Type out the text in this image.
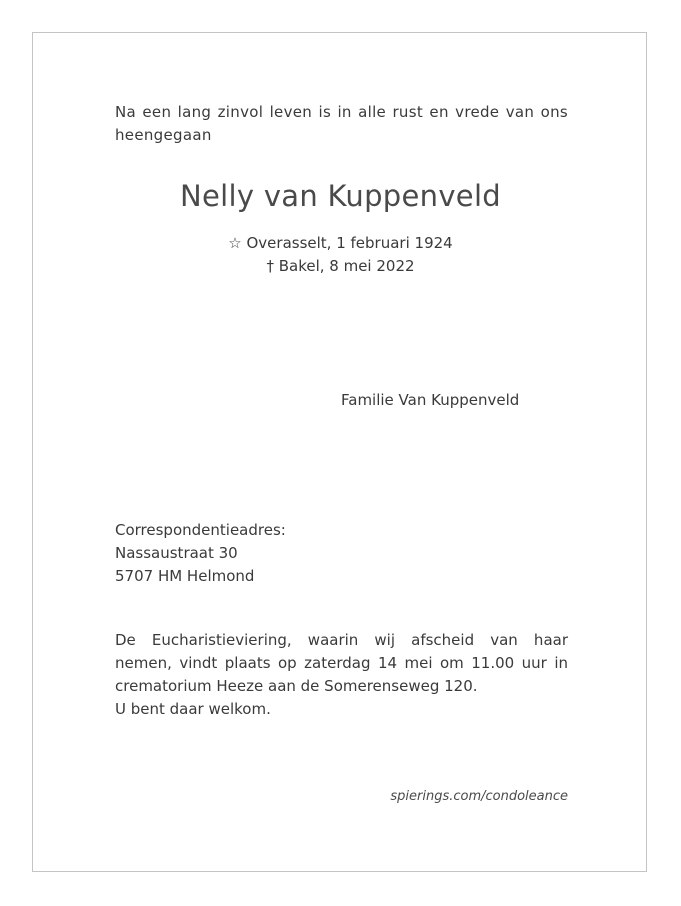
Na een lang zinvol leven is in alle rust en vrede van ons heengegaan
Nelly van Kuppenveld
☆ Overasselt, 1 februari 1924
† Bakel, 8 mei 2022
Familie Van Kuppenveld
Correspondentieadres:
Nassaustraat 30
5707 HM Helmond
De Eucharistieviering, waarin wij afscheid van haar
nemen, vindt plaats op zaterdag 14 mei om 11.00 uur in
crematorium Heeze aan de Somerenseweg 120.
U bent daar welkom.
spierings.com/condoleance
